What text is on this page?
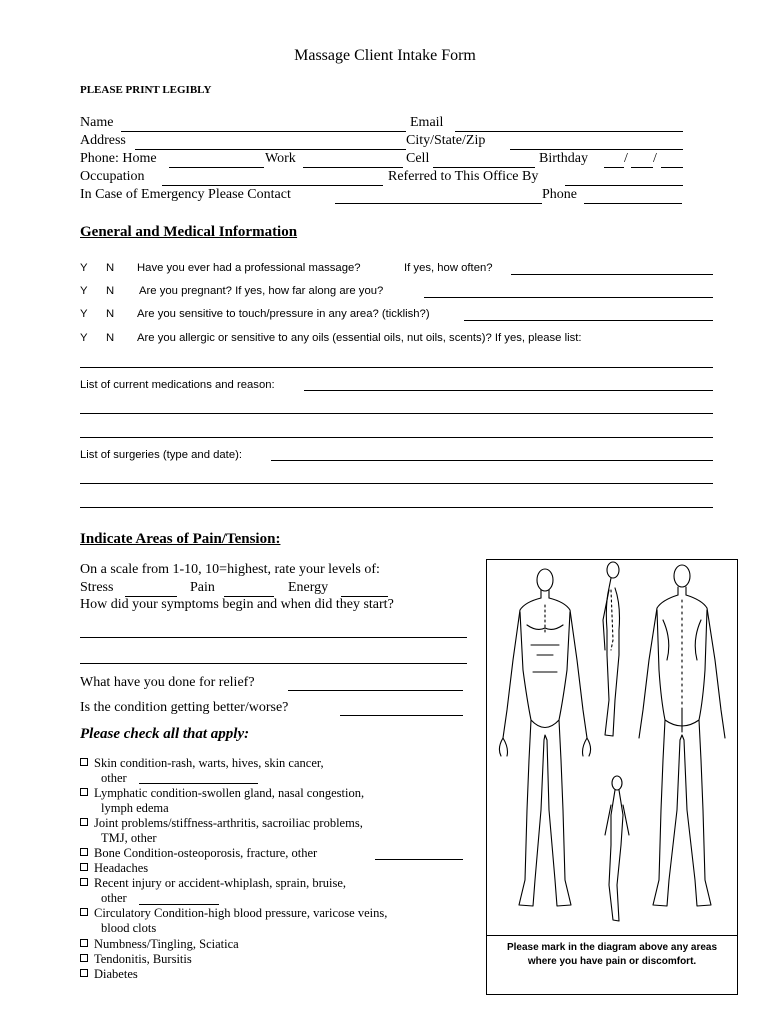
Massage Client Intake Form
PLEASE PRINT LEGIBLY
Name	Email
Address	City/State/Zip
Phone: Home	Work	Cell	Birthday	/ /
Occupation	Referred to This Office By
In Case of Emergency Please Contact	Phone
General and Medical Information
Y N Have you ever had a professional massage?	If yes, how often?
Y N Are you pregnant? If yes, how far along are you?
Y N Are you sensitive to touch/pressure in any area? (ticklish?)
Y N Are you allergic or sensitive to any oils (essential oils, nut oils, scents)? If yes, please list:
List of current medications and reason:
List of surgeries (type and date):
Indicate Areas of Pain/Tension:
On a scale from 1-10, 10=highest, rate your levels of:
Stress	Pain	Energy
How did your symptoms begin and when did they start?
What have you done for relief?
Is the condition getting better/worse?
Please check all that apply:
Skin condition-rash, warts, hives, skin cancer,
other
Lymphatic condition-swollen gland, nasal congestion,
lymph edema
Joint problems/stiffness-arthritis, sacroiliac problems,
TMJ, other
Bone Condition-osteoporosis, fracture, other
Headaches
Recent injury or accident-whiplash, sprain, bruise,
other
Circulatory Condition-high blood pressure, varicose veins,
blood clots
Numbness/Tingling, Sciatica
Tendonitis, Bursitis
Diabetes
Please mark in the diagram above any areas where you have pain or discomfort.
